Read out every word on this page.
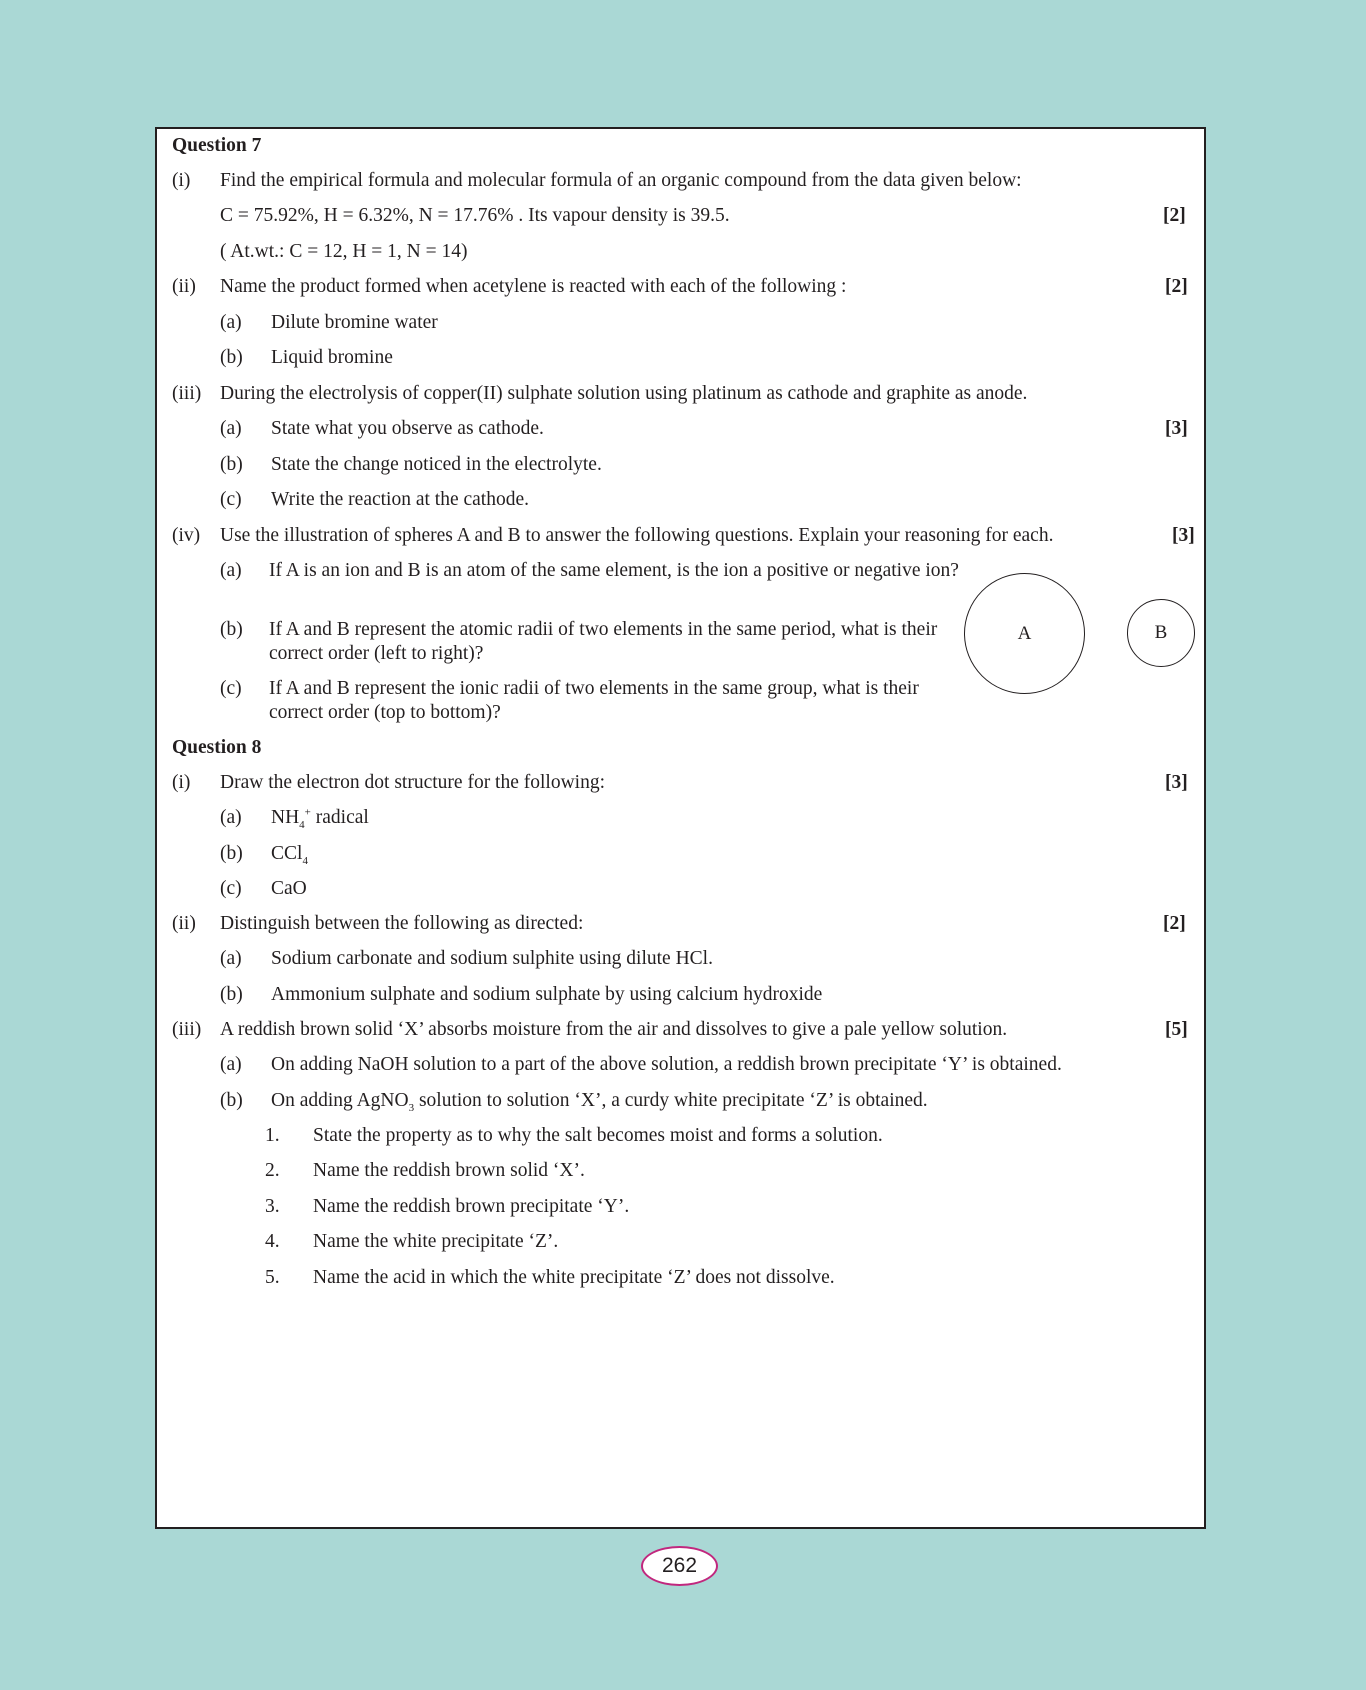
Question 7
(i) Find the empirical formula and molecular formula of an organic compound from the data given below:
C = 75.92%, H = 6.32%, N = 17.76% . Its vapour density is 39.5.	[2]
( At.wt.: C = 12, H = 1, N = 14)
(ii) Name the product formed when acetylene is reacted with each of the following :	[2]
(a) Dilute bromine water
(b) Liquid bromine
(iii) During the electrolysis of copper(II) sulphate solution using platinum as cathode and graphite as anode.
(a) State what you observe as cathode.	[3]
(b) State the change noticed in the electrolyte.
(c) Write the reaction at the cathode.
(iv) Use the illustration of spheres A and B to answer the following questions. Explain your reasoning for each.	[3]
(a) If A is an ion and B is an atom of the same element, is the ion a positive or negative ion?
(b) If A and B represent the atomic radii of two elements in the same period, what is their correct order (left to right)?
(c) If A and B represent the ionic radii of two elements in the same group, what is their correct order (top to bottom)?
A	B
Question 8
(i) Draw the electron dot structure for the following:	[3]
(a) $NH_4^+$ radical
(b) CCl$_4$
(c) CaO
(ii) Distinguish between the following as directed:	[2]
(a) Sodium carbonate and sodium sulphite using dilute HCl.
(b) Ammonium sulphate and sodium sulphate by using calcium hydroxide
(iii) A reddish brown solid ‘X’ absorbs moisture from the air and dissolves to give a pale yellow solution.	[5]
(a) On adding NaOH solution to a part of the above solution, a reddish brown precipitate ‘Y’ is obtained.
(b) On adding AgNO$_3$ solution to solution ‘X’, a curdy white precipitate ‘Z’ is obtained.
1. State the property as to why the salt becomes moist and forms a solution.
2. Name the reddish brown solid ‘X’.
3. Name the reddish brown precipitate ‘Y’.
4. Name the white precipitate ‘Z’.
5. Name the acid in which the white precipitate ‘Z’ does not dissolve.
262
